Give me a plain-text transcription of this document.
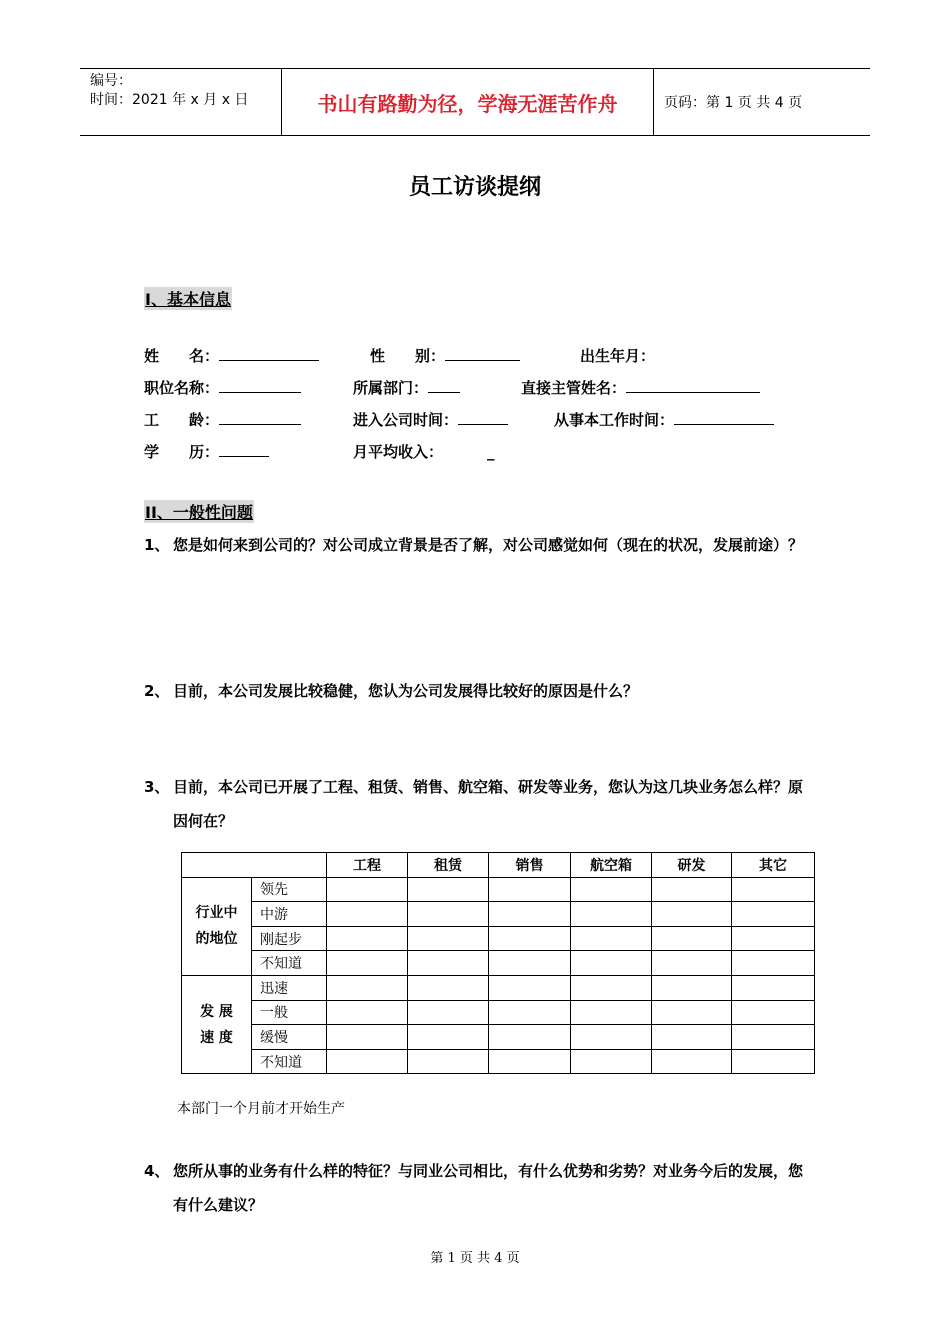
编号：
时间：2021 年 x 月 x 日	书山有路勤为径，学海无涯苦作舟	页码：第 1 页 共 4 页
员工访谈提纲
I、基本信息
姓　　名：	性　　别：	出生年月：
职位名称：	所属部门：	直接主管姓名：
工　　龄：	进入公司时间：	从事本工作时间：
学　　历：	月平均收入：	_
II、一般性问题
1、 您是如何来到公司的？对公司成立背景是否了解，对公司感觉如何（现在的状况，发展前途）？
2、 目前，本公司发展比较稳健，您认为公司发展得比较好的原因是什么？
3、 目前，本公司已开展了工程、租赁、销售、航空箱、研发等业务，您认为这几块业务怎么样？原因何在？
		工程	租赁	销售	航空箱	研发	其它

行业中的地位	领先						
	中游						
	刚起步						
	不知道						

发 展 速 度	迅速						
	一般						
	缓慢						
	不知道						
本部门一个月前才开始生产
4、 您所从事的业务有什么样的特征？与同业公司相比，有什么优势和劣势？对业务今后的发展，您有什么建议？
第 1 页 共 4 页
